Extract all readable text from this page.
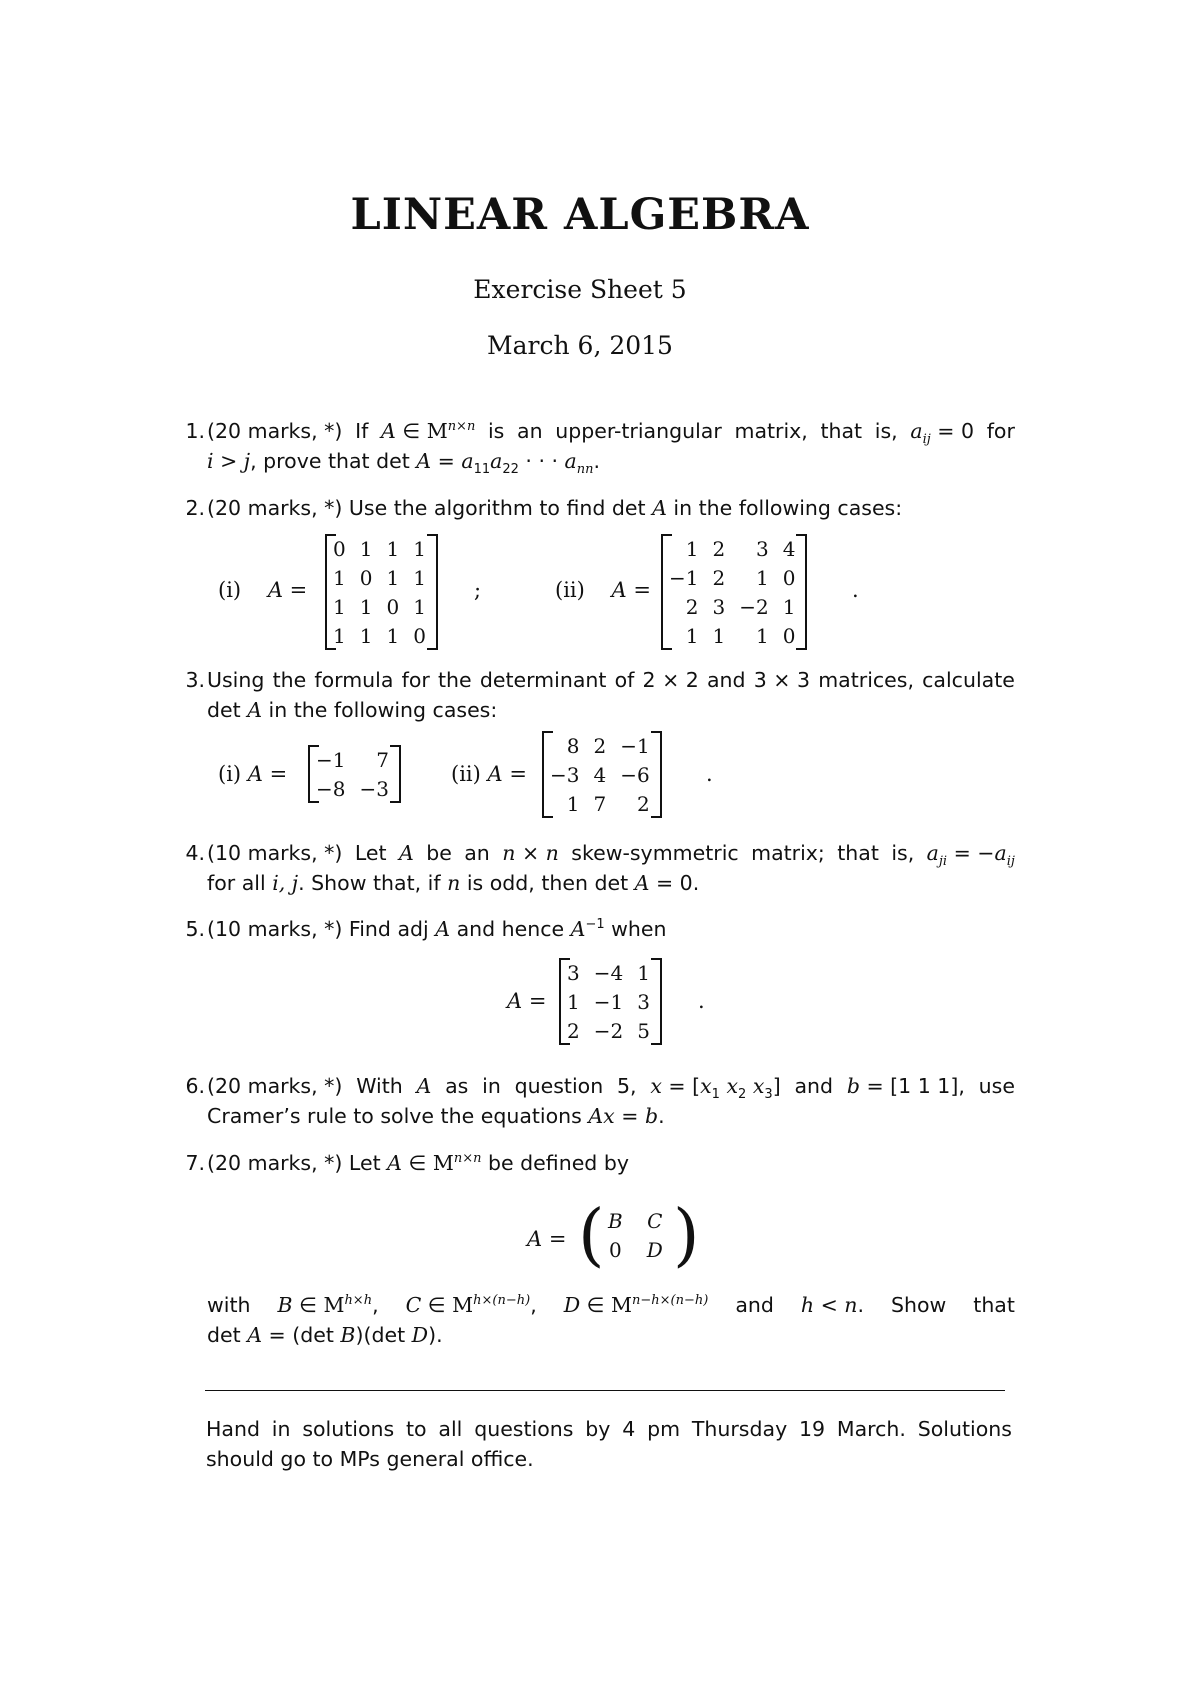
LINEAR ALGEBRA
Exercise Sheet 5
March 6, 2015
1. (20 marks, *) If A ∈ $M^{n\times n}$ is an upper-triangular matrix, that is, $a_{ij} = 0$ for
i > j, prove that $\det A = a_{11}a_{22}$ · · · $a_{nn}$.
2. (20 marks, *) Use the algorithm to find det A in the following cases:
(i) A =
0	1	1	1
1	0	1	1
1	1	0	1
1	1	1	0
;	(ii) A =
1	2	3	4
−1	2	1	0
2	3	−2	1
1	1	1	0
.
3. Using the formula for the determinant of 2 × 2 and 3 × 3 matrices, calculate
det A in the following cases:
(i) A =
−1	7
−8	−3
(ii) A =
8	2	−1
−3	4	−6
1	7	2
.
4. (10 marks, *) Let A be an n × n skew-symmetric matrix; that is, $a_{ji} = -a_{ij}$
for all i, j. Show that, if n is odd, then det A = 0.
5. (10 marks, *) Find adj A and hence $A^{-1}$ when
A =
3	−4	1
1	−1	3
2	−2	5
.
6. (20 marks, *) With A as in question 5, $x = [x_1$ $x_2$ $x_3$] and b = [1 1 1], use
Cramer’s rule to solve the equations Ax = b.
7. (20 marks, *) Let A ∈ $M^{n\times n}$ be defined by
A = ( B	C
0	D )
with B ∈ $M^{h\times h}$, C ∈ $M^{h\times(n-h)}$, D ∈ $M^{n-h\times(n-h)}$ and h < n. Show that
det A = (det B)(det D).
Hand in solutions to all questions by 4 pm Thursday 19 March. Solutions
should go to MPs general office.
